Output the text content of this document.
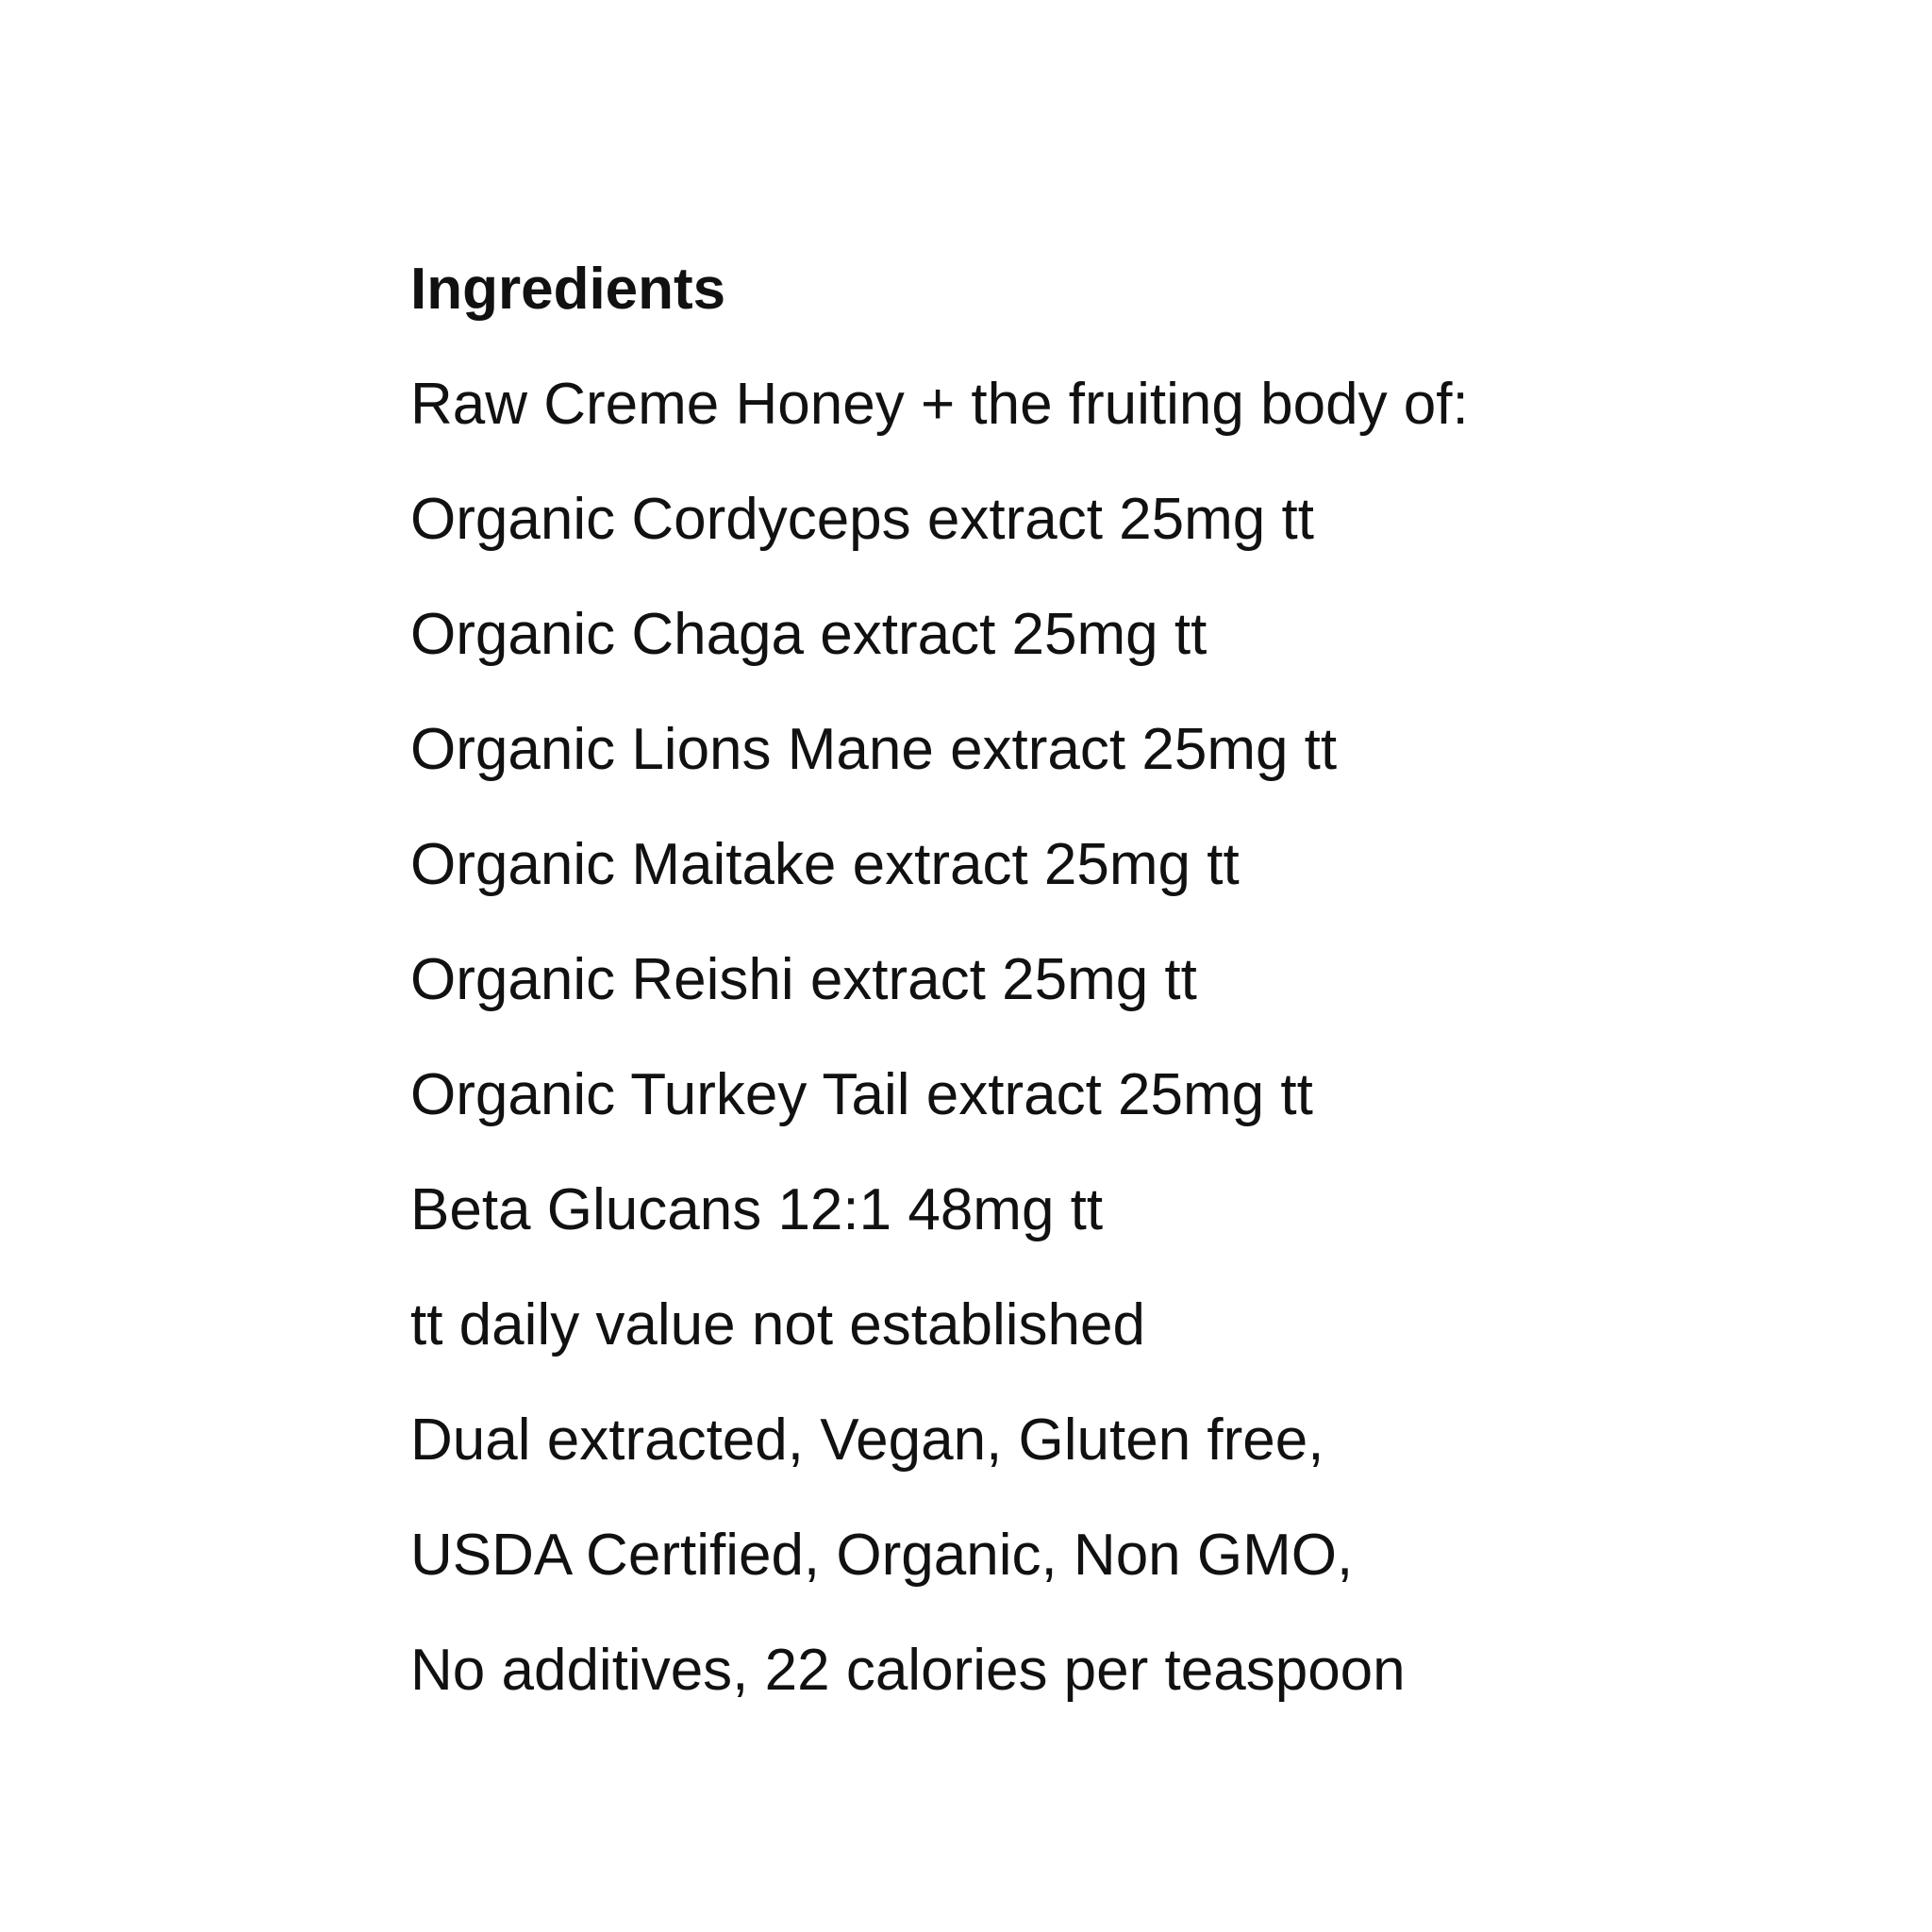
Ingredients

Raw Creme Honey + the fruiting body of:

Organic Cordyceps extract 25mg tt

Organic Chaga extract 25mg tt

Organic Lions Mane extract 25mg tt

Organic Maitake extract 25mg tt

Organic Reishi extract 25mg tt

Organic Turkey Tail extract 25mg tt

Beta Glucans 12:1 48mg tt

tt daily value not established

Dual extracted, Vegan, Gluten free,

USDA Certified, Organic, Non GMO,

No additives, 22 calories per teaspoon
